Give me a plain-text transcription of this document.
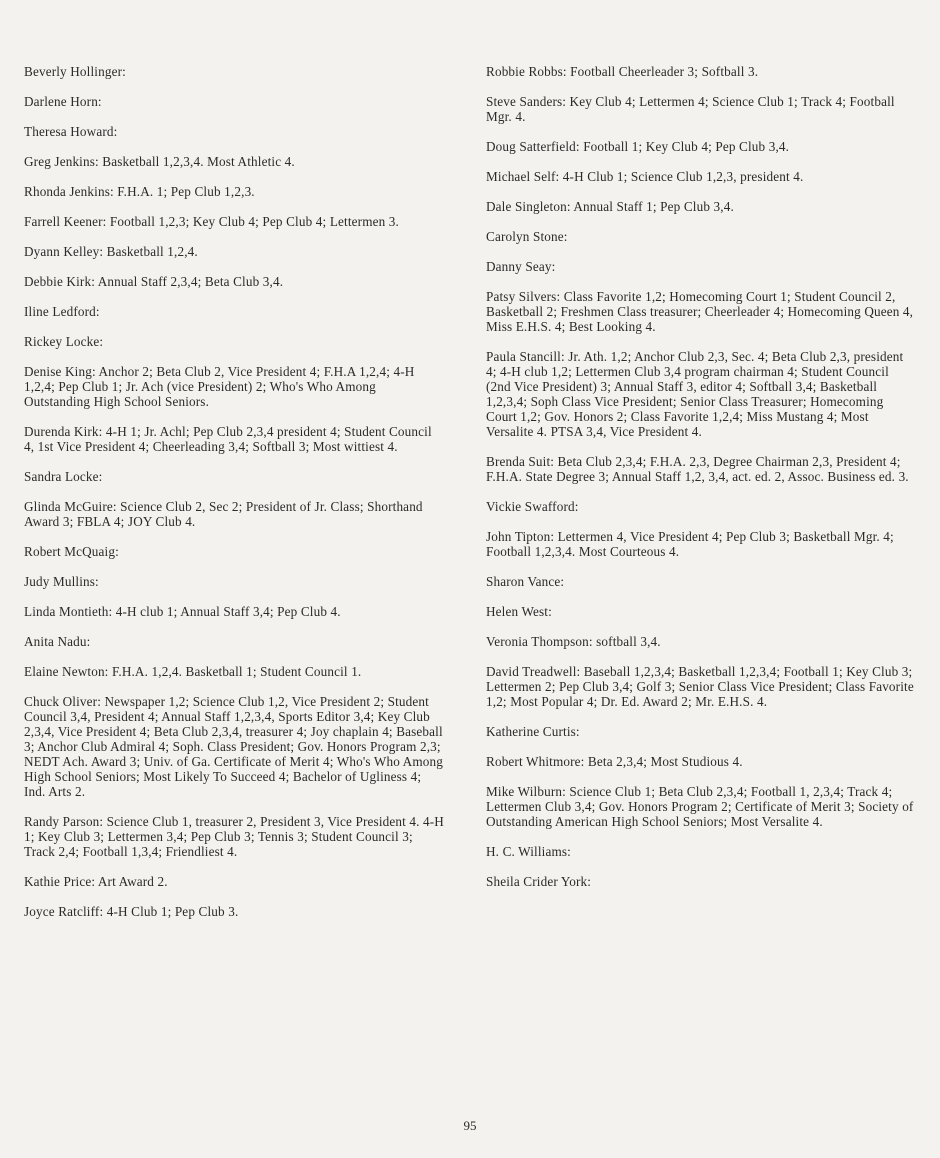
Beverly Hollinger:

Darlene Horn:

Theresa Howard:

Greg Jenkins: Basketball 1,2,3,4. Most Athletic 4.

Rhonda Jenkins: F.H.A. 1; Pep Club 1,2,3.

Farrell Keener: Football 1,2,3; Key Club 4; Pep Club 4; Lettermen 3.

Dyann Kelley: Basketball 1,2,4.

Debbie Kirk: Annual Staff 2,3,4; Beta Club 3,4.

Iline Ledford:

Rickey Locke:

Denise King: Anchor 2; Beta Club 2, Vice President 4; F.H.A 1,2,4; 4-H 1,2,4; Pep Club 1; Jr. Ach (vice President) 2; Who's Who Among Outstanding High School Seniors.

Durenda Kirk: 4-H 1; Jr. Achl; Pep Club 2,3,4 president 4; Student Council 4, 1st Vice President 4; Cheerleading 3,4; Softball 3; Most wittiest 4.

Sandra Locke:

Glinda McGuire: Science Club 2, Sec 2; President of Jr. Class; Shorthand Award 3; FBLA 4; JOY Club 4.

Robert McQuaig:

Judy Mullins:

Linda Montieth: 4-H club 1; Annual Staff 3,4; Pep Club 4.

Anita Nadu:

Elaine Newton: F.H.A. 1,2,4. Basketball 1; Student Council 1.

Chuck Oliver: Newspaper 1,2; Science Club 1,2, Vice President 2; Student Council 3,4, President 4; Annual Staff 1,2,3,4, Sports Editor 3,4; Key Club 2,3,4, Vice President 4; Beta Club 2,3,4, treasurer 4; Joy chaplain 4; Baseball 3; Anchor Club Admiral 4; Soph. Class President; Gov. Honors Program 2,3; NEDT Ach. Award 3; Univ. of Ga. Certificate of Merit 4; Who's Who Among High School Seniors; Most Likely To Succeed 4; Bachelor of Ugliness 4; Ind. Arts 2.

Randy Parson: Science Club 1, treasurer 2, President 3, Vice President 4. 4-H 1; Key Club 3; Lettermen 3,4; Pep Club 3; Tennis 3; Student Council 3; Track 2,4; Football 1,3,4; Friendliest 4.

Kathie Price: Art Award 2.

Joyce Ratcliff: 4-H Club 1; Pep Club 3.

Robbie Robbs: Football Cheerleader 3; Softball 3.

Steve Sanders: Key Club 4; Lettermen 4; Science Club 1; Track 4; Football Mgr. 4.

Doug Satterfield: Football 1; Key Club 4; Pep Club 3,4.

Michael Self: 4-H Club 1; Science Club 1,2,3, president 4.

Dale Singleton: Annual Staff 1; Pep Club 3,4.

Carolyn Stone:

Danny Seay:

Patsy Silvers: Class Favorite 1,2; Homecoming Court 1; Student Council 2, Basketball 2; Freshmen Class treasurer; Cheerleader 4; Homecoming Queen 4, Miss E.H.S. 4; Best Looking 4.

Paula Stancill: Jr. Ath. 1,2; Anchor Club 2,3, Sec. 4; Beta Club 2,3, president 4; 4-H club 1,2; Lettermen Club 3,4 program chairman 4; Student Council (2nd Vice President) 3; Annual Staff 3, editor 4; Softball 3,4; Basketball 1,2,3,4; Soph Class Vice President; Senior Class Treasurer; Homecoming Court 1,2; Gov. Honors 2; Class Favorite 1,2,4; Miss Mustang 4; Most Versalite 4. PTSA 3,4, Vice President 4.

Brenda Suit: Beta Club 2,3,4; F.H.A. 2,3, Degree Chairman 2,3, President 4; F.H.A. State Degree 3; Annual Staff 1,2, 3,4, act. ed. 2, Assoc. Business ed. 3.

Vickie Swafford:

John Tipton: Lettermen 4, Vice President 4; Pep Club 3; Basketball Mgr. 4; Football 1,2,3,4. Most Courteous 4.

Sharon Vance:

Helen West:

Veronia Thompson: softball 3,4.

David Treadwell: Baseball 1,2,3,4; Basketball 1,2,3,4; Football 1; Key Club 3; Lettermen 2; Pep Club 3,4; Golf 3; Senior Class Vice President; Class Favorite 1,2; Most Popular 4; Dr. Ed. Award 2; Mr. E.H.S. 4.

Katherine Curtis:

Robert Whitmore: Beta 2,3,4; Most Studious 4.

Mike Wilburn: Science Club 1; Beta Club 2,3,4; Football 1, 2,3,4; Track 4; Lettermen Club 3,4; Gov. Honors Program 2; Certificate of Merit 3; Society of Outstanding American High School Seniors; Most Versalite 4.

H. C. Williams:

Sheila Crider York:

95
